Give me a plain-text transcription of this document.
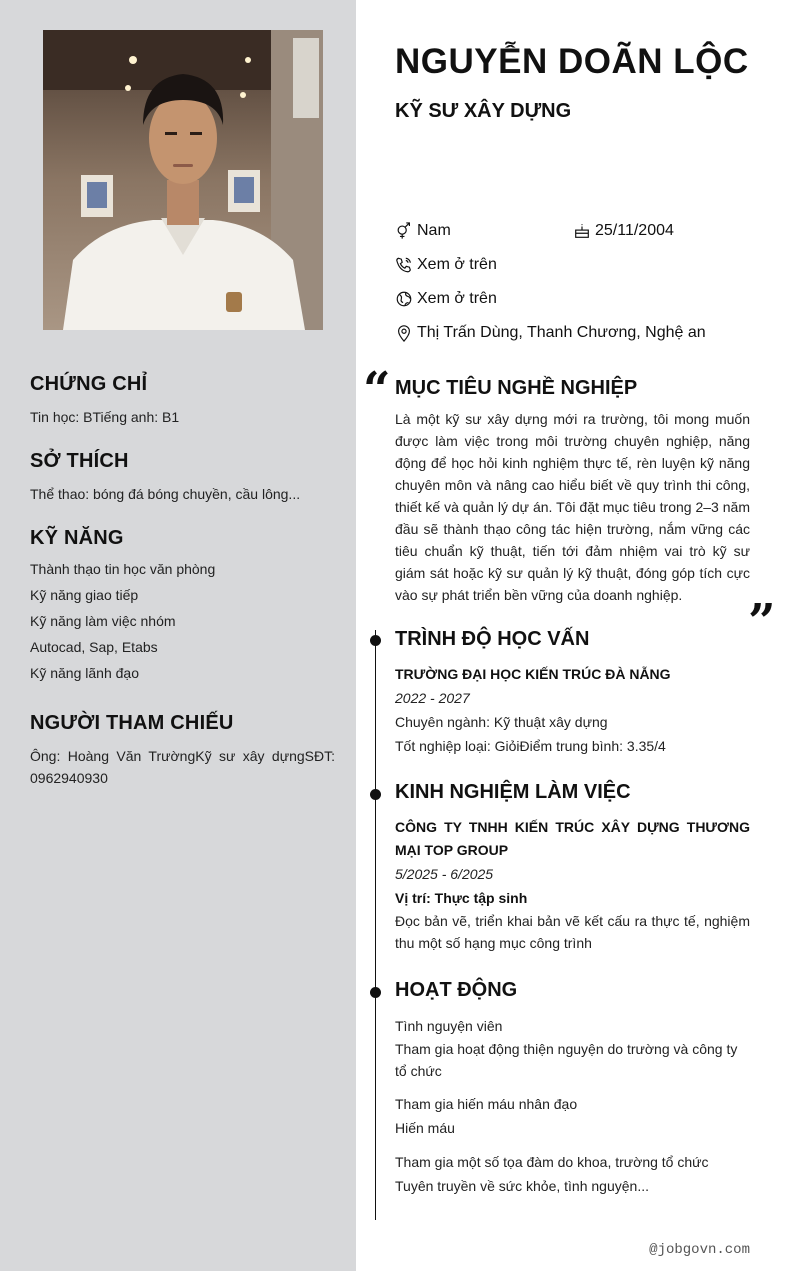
CHỨNG CHỈ
Tin học: BTiếng anh: B1
SỞ THÍCH
Thể thao: bóng đá bóng chuyền, cầu lông...
KỸ NĂNG
Thành thạo tin học văn phòng
Kỹ năng giao tiếp
Kỹ năng làm việc nhóm
Autocad, Sap, Etabs
Kỹ năng lãnh đạo
NGƯỜI THAM CHIẾU
Ông: Hoàng Văn TrườngKỹ sư xây dựngSĐT: 0962940930
NGUYỄN DOÃN LỘC
KỸ SƯ XÂY DỰNG
Nam	25/11/2004
Xem ở trên
Xem ở trên
Thị Trấn Dùng, Thanh Chương, Nghệ an
“ MỤC TIÊU NGHỀ NGHIỆP
Là một kỹ sư xây dựng mới ra trường, tôi mong muốn được làm việc trong môi trường chuyên nghiệp, năng động để học hỏi kinh nghiệm thực tế, rèn luyện kỹ năng chuyên môn và nâng cao hiểu biết về quy trình thi công, thiết kế và quản lý dự án. Tôi đặt mục tiêu trong 2–3 năm đầu sẽ thành thạo công tác hiện trường, nắm vững các tiêu chuẩn kỹ thuật, tiến tới đảm nhiệm vai trò kỹ sư giám sát hoặc kỹ sư quản lý kỹ thuật, đóng góp tích cực vào sự phát triển bền vững của doanh nghiệp.	”
TRÌNH ĐỘ HỌC VẤN
TRƯỜNG ĐẠI HỌC KIẾN TRÚC ĐÀ NẴNG
2022 - 2027
Chuyên ngành: Kỹ thuật xây dựng
Tốt nghiệp loại: GiỏiĐiểm trung bình: 3.35/4
KINH NGHIỆM LÀM VIỆC
CÔNG TY TNHH KIẾN TRÚC XÂY DỰNG THƯƠNG MẠI TOP GROUP
5/2025 - 6/2025
Vị trí: Thực tập sinh
Đọc bản vẽ, triển khai bản vẽ kết cấu ra thực tế, nghiệm thu một số hạng mục công trình
HOẠT ĐỘNG
Tình nguyện viên
Tham gia hoạt động thiện nguyện do trường và công ty tổ chức
Tham gia hiến máu nhân đạo
Hiến máu
Tham gia một số tọa đàm do khoa, trường tổ chức
Tuyên truyền về sức khỏe, tình nguyện...
@jobgovn.com
